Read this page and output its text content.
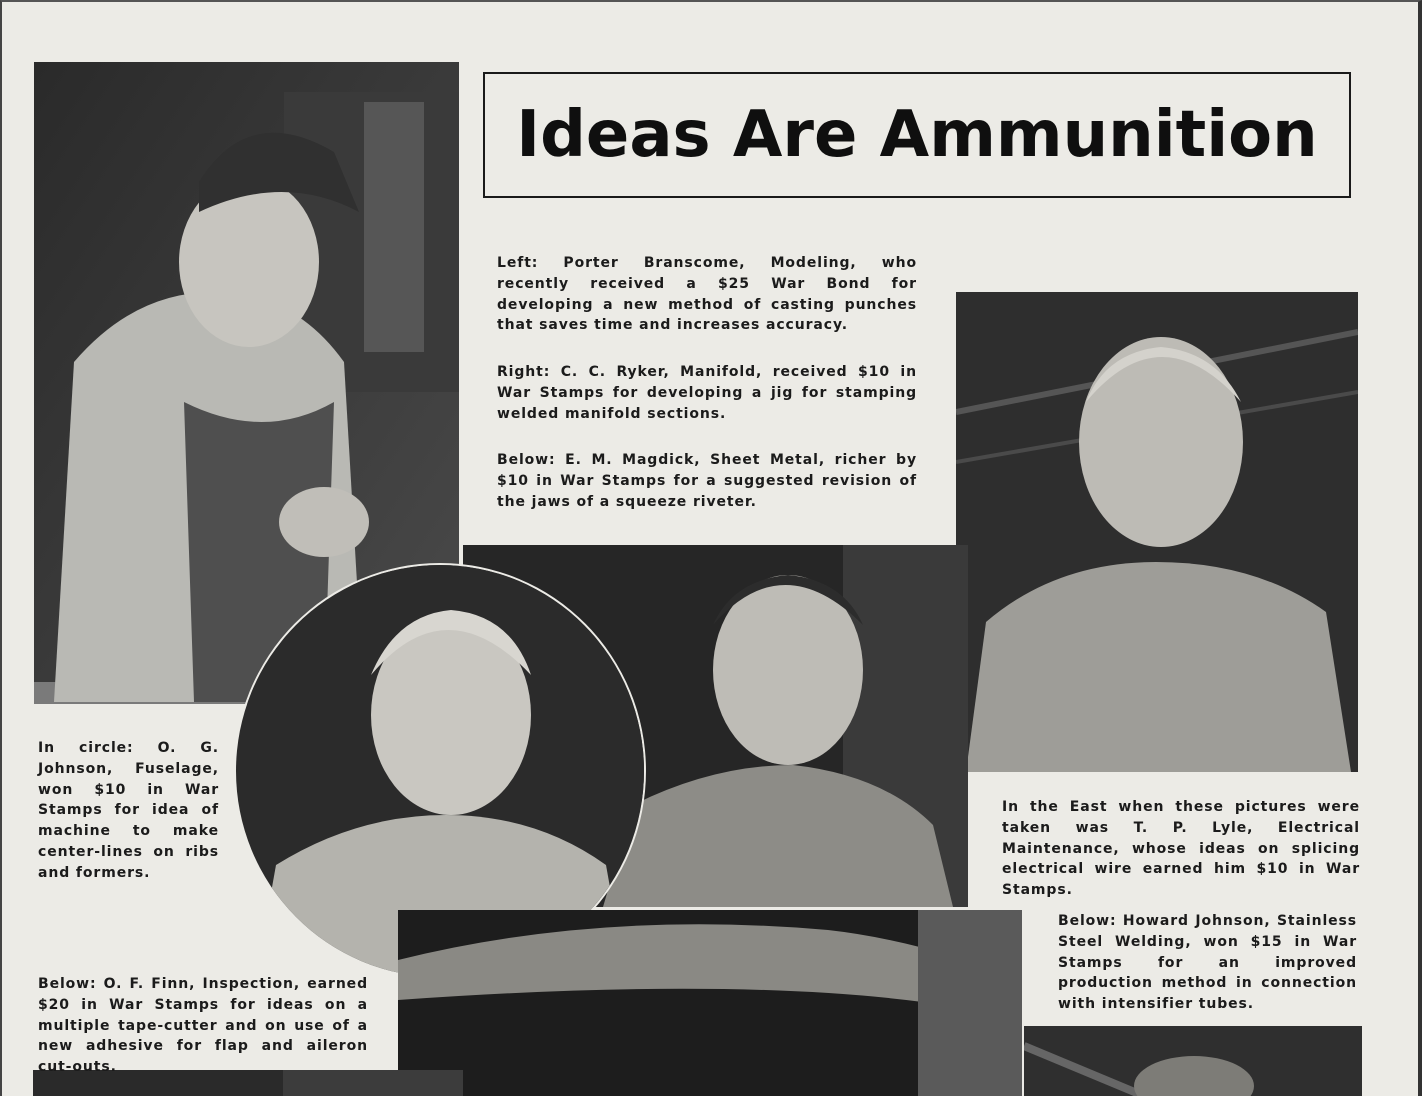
Ideas Are Ammunition

Left: Porter Branscome, Modeling, who recently received a $25 War Bond for developing a new method of casting punches that saves time and increases accuracy.

Right: C. C. Ryker, Manifold, received $10 in War Stamps for developing a jig for stamping welded manifold sections.

Below: E. M. Magdick, Sheet Metal, richer by $10 in War Stamps for a suggested revision of the jaws of a squeeze riveter.

In circle: O. G. Johnson, Fuselage, won $10 in War Stamps for idea of machine to make center-lines on ribs and formers.

In the East when these pictures were taken was T. P. Lyle, Electrical Maintenance, whose ideas on splicing electrical wire earned him $10 in War Stamps.

Below: Howard Johnson, Stainless Steel Welding, won $15 in War Stamps for an improved production method in connection with intensifier tubes.

Below: O. F. Finn, Inspection, earned $20 in War Stamps for ideas on a multiple tape-cutter and on use of a new adhesive for flap and aileron cut-outs.
